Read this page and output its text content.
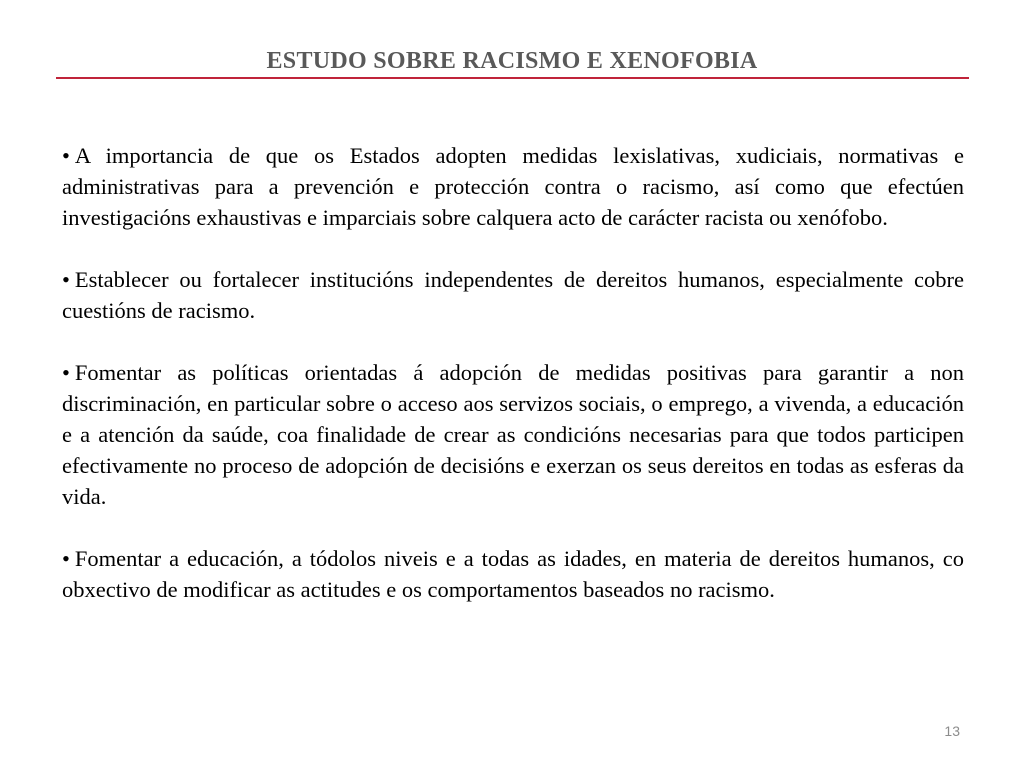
ESTUDO SOBRE RACISMO E XENOFOBIA

• A importancia de que os Estados adopten medidas lexislativas, xudiciais, normativas e administrativas para a prevención e protección contra o racismo, así como que efectúen investigacións exhaustivas e imparciais sobre calquera acto de carácter racista ou xenófobo.

• Establecer ou fortalecer institucións independentes de dereitos humanos, especialmente cobre cuestións de racismo.

• Fomentar as políticas orientadas á adopción de medidas positivas para garantir a non discriminación, en particular sobre o acceso aos servizos sociais, o emprego, a vivenda, a educación e a atención da saúde, coa finalidade de crear as condicións necesarias para que todos participen efectivamente no proceso de adopción de decisións e exerzan os seus dereitos en todas as esferas da vida.

• Fomentar a educación, a tódolos niveis e a todas as idades, en materia de dereitos humanos, co obxectivo de modificar as actitudes e os comportamentos baseados no racismo.

13
